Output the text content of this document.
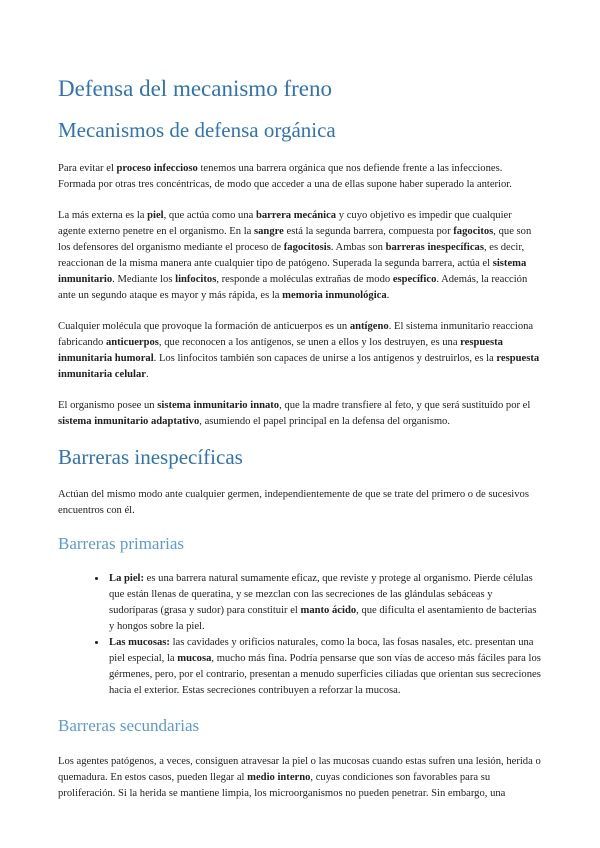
Defensa del mecanismo freno
Mecanismos de defensa orgánica

Para evitar el proceso infeccioso tenemos una barrera orgánica que nos defiende frente a las infecciones. Formada por otras tres concéntricas, de modo que acceder a una de ellas supone haber superado la anterior.

La más externa es la piel, que actúa como una barrera mecánica y cuyo objetivo es impedir que cualquier agente externo penetre en el organismo. En la sangre está la segunda barrera, compuesta por fagocitos, que son los defensores del organismo mediante el proceso de fagocitosis. Ambas son barreras inespecíficas, es decir, reaccionan de la misma manera ante cualquier tipo de patógeno. Superada la segunda barrera, actúa el sistema inmunitario. Mediante los linfocitos, responde a moléculas extrañas de modo específico. Además, la reacción ante un segundo ataque es mayor y más rápida, es la memoria inmunológica.

Cualquier molécula que provoque la formación de anticuerpos es un antígeno. El sistema inmunitario reacciona fabricando anticuerpos, que reconocen a los antígenos, se unen a ellos y los destruyen, es una respuesta inmunitaria humoral. Los linfocitos también son capaces de unirse a los antígenos y destruirlos, es la respuesta inmunitaria celular.

El organismo posee un sistema inmunitario innato, que la madre transfiere al feto, y que será sustituido por el sistema inmunitario adaptativo, asumiendo el papel principal en la defensa del organismo.

Barreras inespecíficas

Actúan del mismo modo ante cualquier germen, independientemente de que se trate del primero o de sucesivos encuentros con él.

Barreras primarias
• La piel: es una barrera natural sumamente eficaz, que reviste y protege al organismo. Pierde células que están llenas de queratina, y se mezclan con las secreciones de las glándulas sebáceas y sudoríparas (grasa y sudor) para constituir el manto ácido, que dificulta el asentamiento de bacterias y hongos sobre la piel.
• Las mucosas: las cavidades y orificios naturales, como la boca, las fosas nasales, etc. presentan una piel especial, la mucosa, mucho más fina. Podría pensarse que son vías de acceso más fáciles para los gérmenes, pero, por el contrario, presentan a menudo superficies ciliadas que orientan sus secreciones hacia el exterior. Estas secreciones contribuyen a reforzar la mucosa.
Barreras secundarias

Los agentes patógenos, a veces, consiguen atravesar la piel o las mucosas cuando estas sufren una lesión, herida o quemadura. En estos casos, pueden llegar al medio interno, cuyas condiciones son favorables para su proliferación. Si la herida se mantiene limpia, los microorganismos no pueden penetrar. Sin embargo, una
